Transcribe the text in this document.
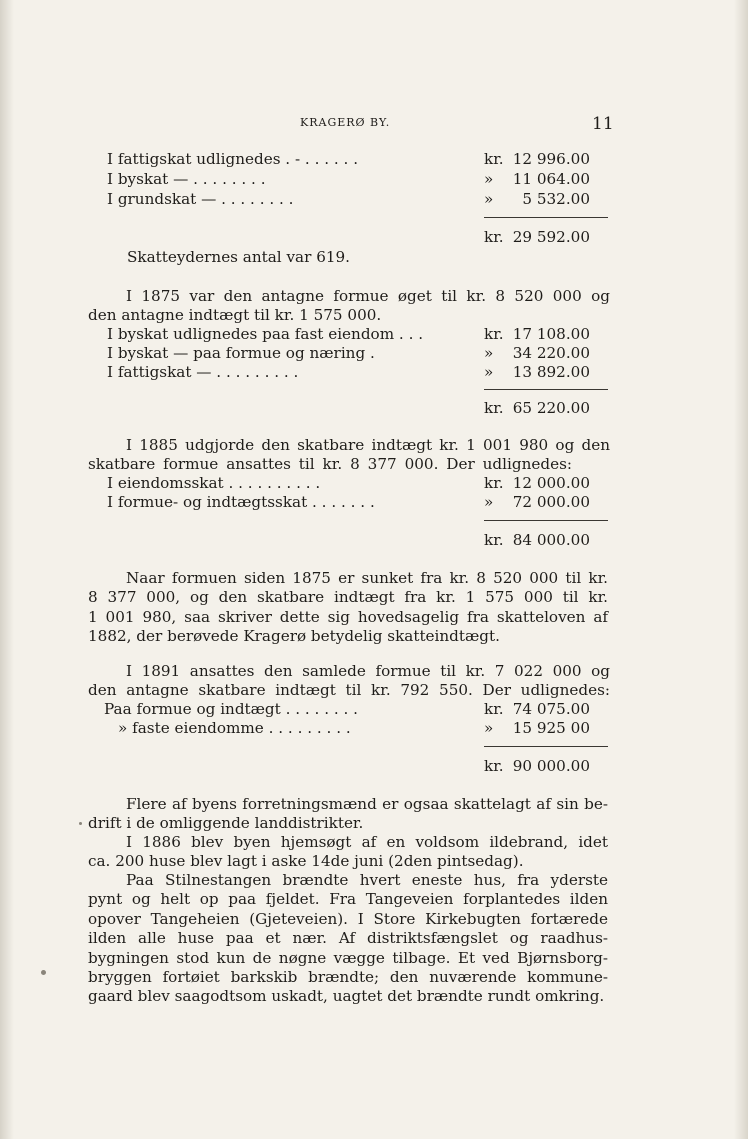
KRAGERØ BY.	11
I fattigskat udlignedes . - . . . . . .	kr. 12 996.00
I byskat — . . . . . . . .	»	11 064.00
I grundskat — . . . . . . . .	»	5 532.00
kr. 29 592.00
Skatteydernes antal var 619.
I 1875 var den antagne formue øget til kr. 8 520 000 og
den antagne indtægt til kr. 1 575 000.
I byskat udlignedes paa fast eiendom . . .	kr. 17 108.00
I byskat — paa formue og næring .	»	34 220.00
I fattigskat — . . . . . . . . .	»	13 892.00
kr. 65 220.00
I 1885 udgjorde den skatbare indtægt kr. 1 001 980 og den
skatbare formue ansattes til kr. 8 377 000. Der udlignedes:
I eiendomsskat . . . . . . . . . .	kr. 12 000.00
I formue- og indtægtsskat . . . . . . .	»	72 000.00
kr. 84 000.00

Naar formuen siden 1875 er sunket fra kr. 8 520 000 til kr.

8 377 000, og den skatbare indtægt fra kr. 1 575 000 til kr.

1 001 980, saa skriver dette sig hovedsagelig fra skatteloven af

1882, der berøvede Kragerø betydelig skatteindtægt.

I 1891 ansattes den samlede formue til kr. 7 022 000 og
den antagne skatbare indtægt til kr. 792 550. Der udlignedes:
Paa formue og indtægt . . . . . . . .	kr. 74 075.00
» faste eiendomme . . . . . . . . .	»	15 925 00
kr. 90 000.00

Flere af byens forretningsmænd er ogsaa skattelagt af sin be-

drift i de omliggende landdistrikter.

I 1886 blev byen hjemsøgt af en voldsom ildebrand, idet

ca. 200 huse blev lagt i aske 14de juni (2den pintsedag).

Paa Stilnestangen brændte hvert eneste hus, fra yderste

pynt og helt op paa fjeldet. Fra Tangeveien forplantedes ilden

opover Tangeheien (Gjeteveien). I Store Kirkebugten fortærede

ilden alle huse paa et nær. Af distriktsfængslet og raadhus-

bygningen stod kun de nøgne vægge tilbage. Et ved Bjørnsborg-

bryggen fortøiet barkskib brændte; den nuværende kommune-

gaard blev saagodtsom uskadt, uagtet det brændte rundt omkring.
